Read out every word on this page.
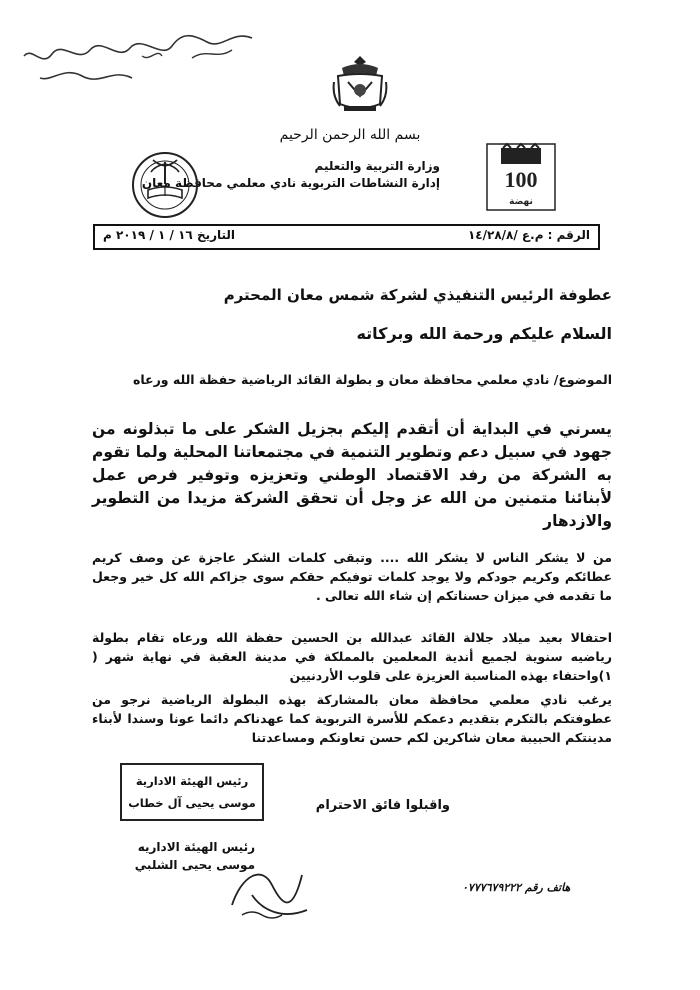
بسم الله الرحمن الرحيم
وزارة التربية والتعليم
إدارة النشاطات التربوية نادي معلمي محافظة معان	100
نهضة
الرقم : م.ع /١٤/٢٨/٨
التاريخ ١٦ / ١ / ٢٠١٩ م
عطوفة الرئيس التنفيذي لشركة شمس معان المحترم
السلام عليكم ورحمة الله وبركاته
الموضوع/ نادي معلمي محافظة معان و بطولة القائد الرياضية حفظة الله ورعاه
يسرني في البداية أن أتقدم إليكم بجزيل الشكر على ما تبذلونه من جهود في سبيل دعم وتطوير التنمية في مجتمعاتنا المحلية ولما تقوم به الشركة من رفد الاقتصاد الوطني وتعزيزه وتوفير فرص عمل لأبنائنا متمنين من الله عز وجل أن تحقق الشركة مزيدا من التطوير والازدهار
من لا يشكر الناس لا يشكر الله .... وتبقى كلمات الشكر عاجزة عن وصف كريم عطائكم وكريم جودكم ولا يوجد كلمات توفيكم حقكم سوى جزاكم الله كل خير وجعل ما تقدمه في ميزان حسناتكم إن شاء الله تعالى .
احتفالا بعيد ميلاد جلالة القائد عبدالله بن الحسين حفظة الله ورعاه تقام بطولة رياضيه سنوية لجميع أندية المعلمين بالمملكة في مدينة العقبة في نهاية شهر ( ١)واحتفاء بهذه المناسبة العزيزة على قلوب الأردنيين
يرغب نادي معلمي محافظة معان بالمشاركة بهذه البطولة الرياضية نرجو من عطوفتكم بالتكرم بتقديم دعمكم للأسرة التربوية كما عهدناكم دائما عونا وسندا لأبناء مدينتكم الحبيبة معان شاكرين لكم حسن تعاونكم ومساعدتنا
واقبلوا فائق الاحترام
رئيس الهيئة الادارية
موسى يحيى آل خطاب
رئيس الهيئة الاداريه
موسى يحيى الشلبي
هاتف رقم ٠٧٧٧٦٧٩٢٢٢
